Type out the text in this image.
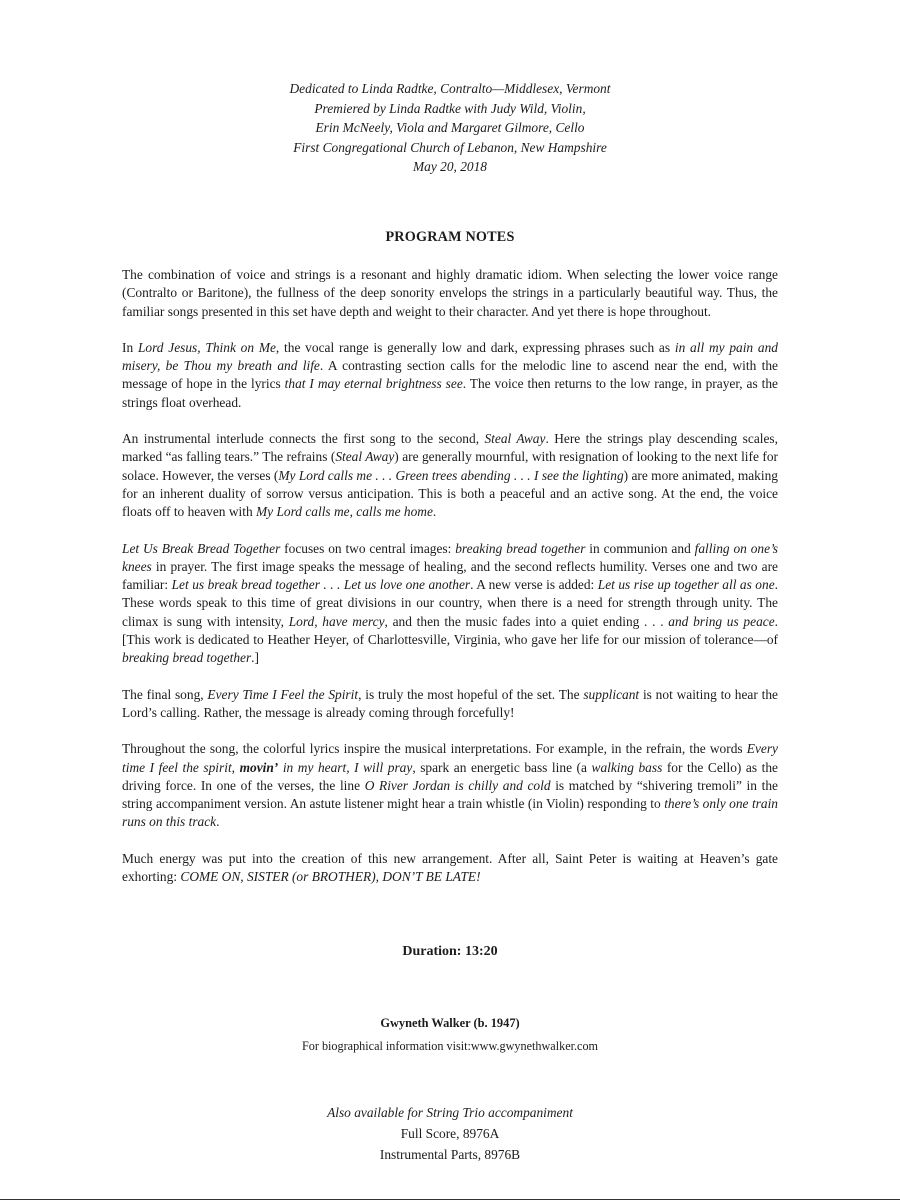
Dedicated to Linda Radtke, Contralto—Middlesex, Vermont
Premiered by Linda Radtke with Judy Wild, Violin,
Erin McNeely, Viola and Margaret Gilmore, Cello
First Congregational Church of Lebanon, New Hampshire
May 20, 2018
PROGRAM NOTES

The combination of voice and strings is a resonant and highly dramatic idiom. When selecting the lower voice range (Contralto or Baritone), the fullness of the deep sonority envelops the strings in a particularly beautiful way. Thus, the familiar songs presented in this set have depth and weight to their character. And yet there is hope throughout.

In Lord Jesus, Think on Me, the vocal range is generally low and dark, expressing phrases such as in all my pain and misery, be Thou my breath and life. A contrasting section calls for the melodic line to ascend near the end, with the message of hope in the lyrics that I may eternal brightness see. The voice then returns to the low range, in prayer, as the strings float overhead.

An instrumental interlude connects the first song to the second, Steal Away. Here the strings play descending scales, marked “as falling tears.” The refrains (Steal Away) are generally mournful, with resignation of looking to the next life for solace. However, the verses (My Lord calls me . . . Green trees abending . . . I see the lighting) are more animated, making for an inherent duality of sorrow versus anticipation. This is both a peaceful and an active song. At the end, the voice floats off to heaven with My Lord calls me, calls me home.

Let Us Break Bread Together focuses on two central images: breaking bread together in communion and falling on one’s knees in prayer. The first image speaks the message of healing, and the second reflects humility. Verses one and two are familiar: Let us break bread together . . . Let us love one another. A new verse is added: Let us rise up together all as one. These words speak to this time of great divisions in our country, when there is a need for strength through unity. The climax is sung with intensity, Lord, have mercy, and then the music fades into a quiet ending . . . and bring us peace. [This work is dedicated to Heather Heyer, of Charlottesville, Virginia, who gave her life for our mission of tolerance—of breaking bread together.]

The final song, Every Time I Feel the Spirit, is truly the most hopeful of the set. The supplicant is not waiting to hear the Lord’s calling. Rather, the message is already coming through forcefully!

Throughout the song, the colorful lyrics inspire the musical interpretations. For example, in the refrain, the words Every time I feel the spirit, movin’ in my heart, I will pray, spark an energetic bass line (a walking bass for the Cello) as the driving force. In one of the verses, the line O River Jordan is chilly and cold is matched by “shivering tremoli” in the string accompaniment version. An astute listener might hear a train whistle (in Violin) responding to there’s only one train runs on this track.

Much energy was put into the creation of this new arrangement. After all, Saint Peter is waiting at Heaven’s gate exhorting: COME ON, SISTER (or BROTHER), DON’T BE LATE!

Duration: 13:20
Gwyneth Walker (b. 1947)
For biographical information visit:www.gwynethwalker.com
Also available for String Trio accompaniment
Full Score, 8976A
Instrumental Parts, 8976B
